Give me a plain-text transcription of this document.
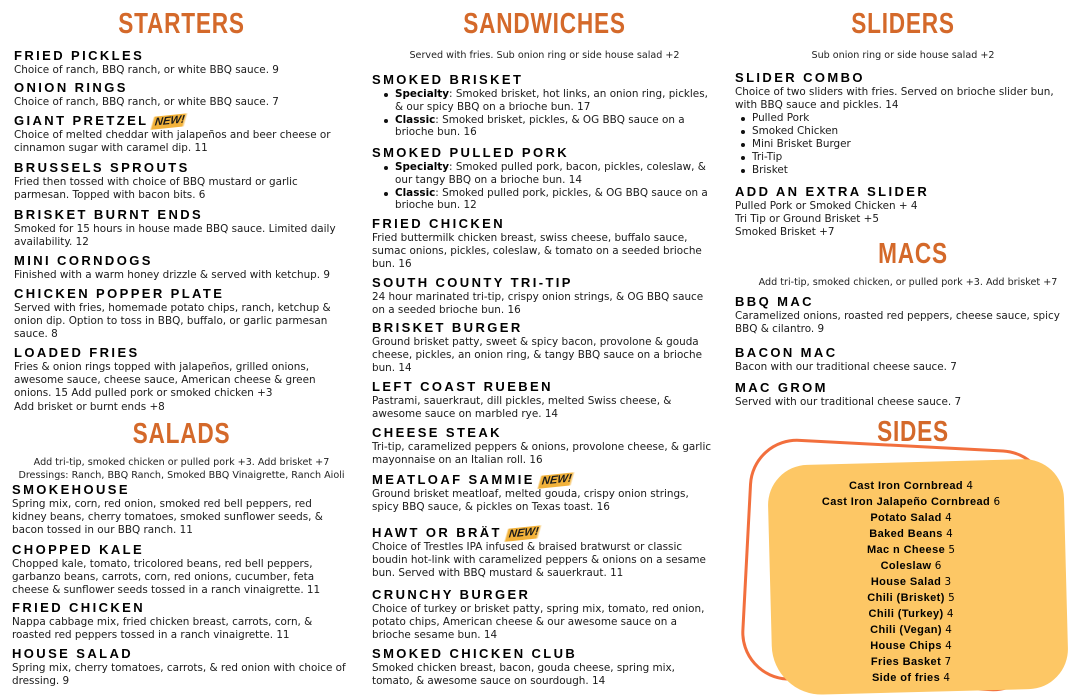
STARTERS
FRIED PICKLES
Choice of ranch, BBQ ranch, or white BBQ sauce. 9
ONION RINGS
Choice of ranch, BBQ ranch, or white BBQ sauce. 7
GIANT PRETZEL NEW!
Choice of melted cheddar with jalapeños and beer cheese or cinnamon sugar with caramel dip. 11
BRUSSELS SPROUTS
Fried then tossed with choice of BBQ mustard or garlic parmesan. Topped with bacon bits. 6
BRISKET BURNT ENDS
Smoked for 15 hours in house made BBQ sauce. Limited daily availability. 12
MINI CORNDOGS
Finished with a warm honey drizzle & served with ketchup. 9
CHICKEN POPPER PLATE
Served with fries, homemade potato chips, ranch, ketchup & onion dip. Option to toss in BBQ, buffalo, or garlic parmesan sauce. 8
LOADED FRIES
Fries & onion rings topped with jalapeños, grilled onions, awesome sauce, cheese sauce, American cheese & green onions. 15 Add pulled pork or smoked chicken +3
Add brisket or burnt ends +8
SALADS
Add tri-tip, smoked chicken or pulled pork +3. Add brisket +7
Dressings: Ranch, BBQ Ranch, Smoked BBQ Vinaigrette, Ranch Aioli
SMOKEHOUSE
Spring mix, corn, red onion, smoked red bell peppers, red kidney beans, cherry tomatoes, smoked sunflower seeds, & bacon tossed in our BBQ ranch. 11
CHOPPED KALE
Chopped kale, tomato, tricolored beans, red bell peppers, garbanzo beans, carrots, corn, red onions, cucumber, feta cheese & sunflower seeds tossed in a ranch vinaigrette. 11
FRIED CHICKEN
Nappa cabbage mix, fried chicken breast, carrots, corn, & roasted red peppers tossed in a ranch vinaigrette. 11
HOUSE SALAD
Spring mix, cherry tomatoes, carrots, & red onion with choice of dressing. 9
SANDWICHES
Served with fries. Sub onion ring or side house salad +2
SMOKED BRISKET
Specialty: Smoked brisket, hot links, an onion ring, pickles, & our spicy BBQ on a brioche bun. 17
Classic: Smoked brisket, pickles, & OG BBQ sauce on a brioche bun. 16
SMOKED PULLED PORK
Specialty: Smoked pulled pork, bacon, pickles, coleslaw, & our tangy BBQ on a brioche bun. 14
Classic: Smoked pulled pork, pickles, & OG BBQ sauce on a brioche bun. 12
FRIED CHICKEN
Fried buttermilk chicken breast, swiss cheese, buffalo sauce, sumac onions, pickles, coleslaw, & tomato on a seeded brioche bun. 16
SOUTH COUNTY TRI-TIP
24 hour marinated tri-tip, crispy onion strings, & OG BBQ sauce on a seeded brioche bun. 16
BRISKET BURGER
Ground brisket patty, sweet & spicy bacon, provolone & gouda cheese, pickles, an onion ring, & tangy BBQ sauce on a brioche bun. 14
LEFT COAST RUEBEN
Pastrami, sauerkraut, dill pickles, melted Swiss cheese, & awesome sauce on marbled rye. 14
CHEESE STEAK
Tri-tip, caramelized peppers & onions, provolone cheese, & garlic mayonnaise on an Italian roll. 16
MEATLOAF SAMMIE NEW!
Ground brisket meatloaf, melted gouda, crispy onion strings, spicy BBQ sauce, & pickles on Texas toast. 16
HAWT OR BRÄT NEW!
Choice of Trestles IPA infused & braised bratwurst or classic boudin hot-link with caramelized peppers & onions on a sesame bun. Served with BBQ mustard & sauerkraut. 11
CRUNCHY BURGER
Choice of turkey or brisket patty, spring mix, tomato, red onion, potato chips, American cheese & our awesome sauce on a brioche sesame bun. 14
SMOKED CHICKEN CLUB
Smoked chicken breast, bacon, gouda cheese, spring mix, tomato, & awesome sauce on sourdough. 14
SLIDERS
Sub onion ring or side house salad +2
SLIDER COMBO
Choice of two sliders with fries. Served on brioche slider bun, with BBQ sauce and pickles. 14
Pulled Pork
Smoked Chicken
Mini Brisket Burger
Tri-Tip
Brisket
ADD AN EXTRA SLIDER
Pulled Pork or Smoked Chicken + 4
Tri Tip or Ground Brisket +5
Smoked Brisket +7
MACS
Add tri-tip, smoked chicken, or pulled pork +3. Add brisket +7
BBQ MAC
Caramelized onions, roasted red peppers, cheese sauce, spicy BBQ & cilantro. 9
BACON MAC
Bacon with our traditional cheese sauce. 7
MAC GROM
Served with our traditional cheese sauce. 7
SIDES
Cast Iron Cornbread 4
Cast Iron Jalapeño Cornbread 6
Potato Salad 4
Baked Beans 4
Mac n Cheese 5
Coleslaw 6
House Salad 3
Chili (Brisket) 5
Chili (Turkey) 4
Chili (Vegan) 4
House Chips 4
Fries Basket 7
Side of fries 4
